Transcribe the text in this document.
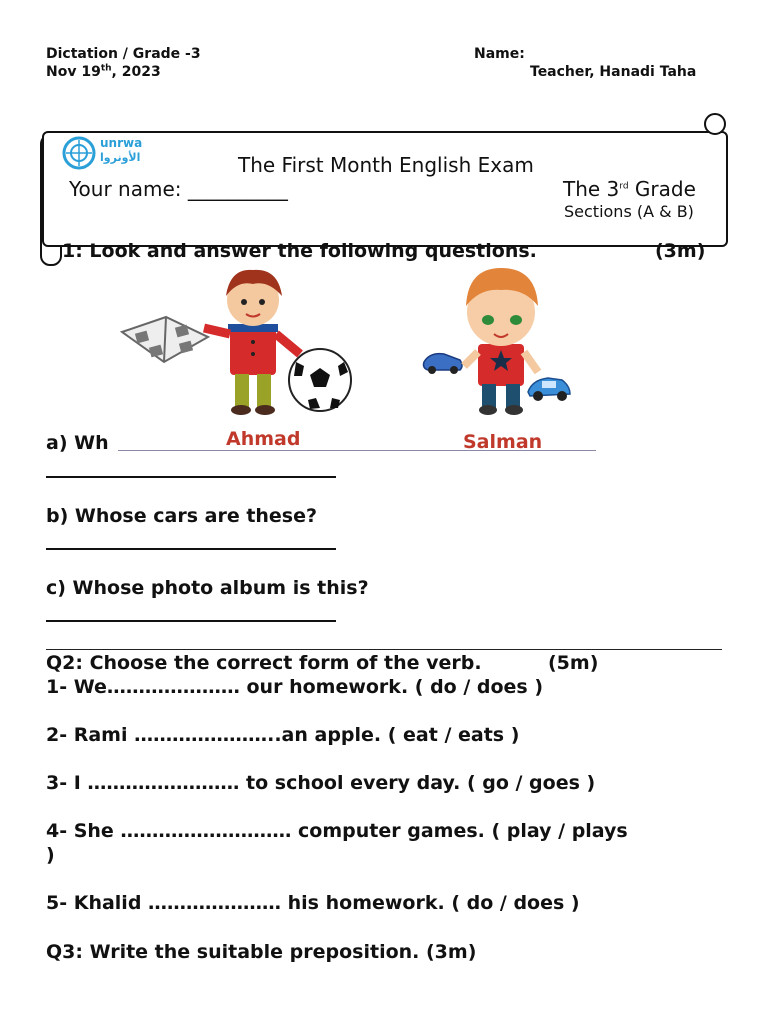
Dictation / Grade -3
Nov 19th, 2023
Name:
Teacher, Hanadi Taha
unrwa
الأونروا	The First Month English Exam
Your name: __________	The 3rd Grade
Sections (A & B)
1: Look and answer the following questions.	(3m)
a) Wh	Ahmad	Salman
b) Whose cars are these?
c) Whose photo album is this?
Q2: Choose the correct form of the verb.	(5m)
1- We………………… our homework. ( do / does )
2- Rami …………………..an apple. ( eat / eats )
3- I …………………… to school every day. ( go / goes )
4- She ……………………… computer games. ( play / plays
)
5- Khalid ………………… his homework. ( do / does )
Q3: Write the suitable preposition. (3m)
